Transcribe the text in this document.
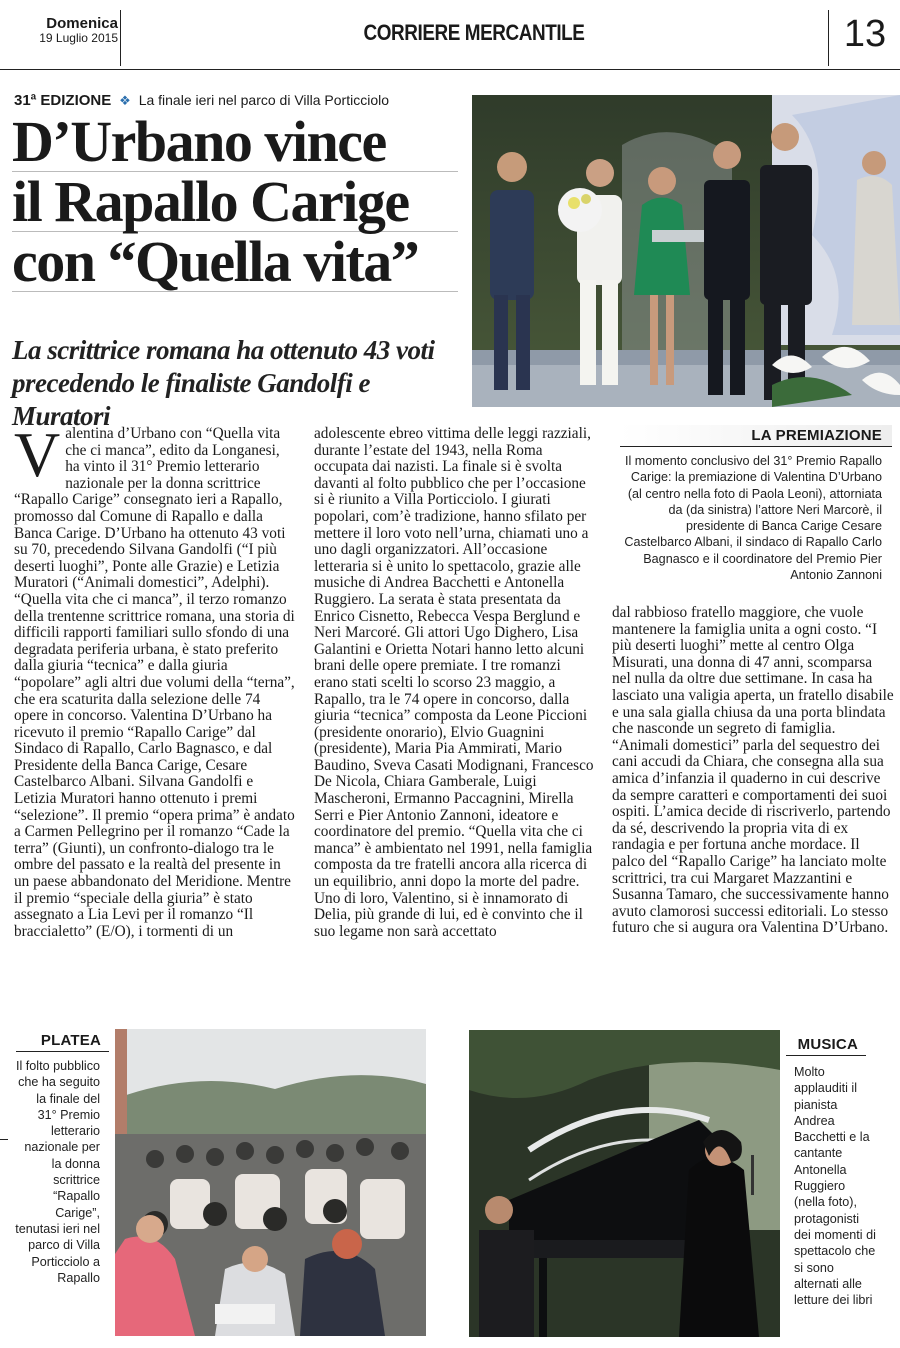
Domenica
19 Luglio 2015	CORRIERE MERCANTILE	13
31ª EDIZIONE ❖ La finale ieri nel parco di Villa Porticciolo
D’Urbano vince
il Rapallo Carige
con “Quella vita”
La scrittrice romana ha ottenuto 43 voti precedendo le finaliste Gandolfi e Muratori
Valentina d’Urbano con “Quella vita che ci manca”, edito da Longanesi, ha vinto il 31° Premio letterario nazionale per la donna scrittrice “Rapallo Carige” consegnato ieri a Rapallo, promosso dal Comune di Rapallo e dalla Banca Carige. D’Urbano ha ottenuto 43 voti su 70, precedendo Silvana Gandolfi (“I più deserti luoghi”, Ponte alle Grazie) e Letizia Muratori (“Animali domestici”, Adelphi). “Quella vita che ci manca”, il terzo romanzo della trentenne scrittrice romana, una storia di difficili rapporti familiari sullo sfondo di una degradata periferia urbana, è stato preferito dalla giuria “tecnica” e dalla giuria “popolare” agli altri due volumi della “terna”, che era scaturita dalla selezione delle 74 opere in concorso. Valentina D’Urbano ha ricevuto il premio “Rapallo Carige” dal Sindaco di Rapallo, Carlo Bagnasco, e dal Presidente della Banca Carige, Cesare Castelbarco Albani. Silvana Gandolfi e Letizia Muratori hanno ottenuto i premi “selezione”. Il premio “opera prima” è andato a Carmen Pellegrino per il romanzo “Cade la terra” (Giunti), un confronto-dialogo tra le ombre del passato e la realtà del presente in un paese abbandonato del Meridione. Mentre il premio “speciale della giuria” è stato assegnato a Lia Levi per il romanzo “Il braccialetto” (E/O), i tormenti di un
adolescente ebreo vittima delle leggi razziali, durante l’estate del 1943, nella Roma occupata dai nazisti. La finale si è svolta davanti al folto pubblico che per l’occasione si è riunito a Villa Porticciolo. I giurati popolari, com’è tradizione, hanno sfilato per mettere il loro voto nell’urna, chiamati uno a uno dagli organizzatori. All’occasione letteraria si è unito lo spettacolo, grazie alle musiche di Andrea Bacchetti e Antonella Ruggiero. La serata è stata presentata da Enrico Cisnetto, Rebecca Vespa Berglund e Neri Marcoré. Gli attori Ugo Dighero, Lisa Galantini e Orietta Notari hanno letto alcuni brani delle opere premiate. I tre romanzi erano stati scelti lo scorso 23 maggio, a Rapallo, tra le 74 opere in concorso, dalla giuria “tecnica” composta da Leone Piccioni (presidente onorario), Elvio Guagnini (presidente), Maria Pia Ammirati, Mario Baudino, Sveva Casati Modignani, Francesco De Nicola, Chiara Gamberale, Luigi Mascheroni, Ermanno Paccagnini, Mirella Serri e Pier Antonio Zannoni, ideatore e coordinatore del premio. “Quella vita che ci manca” è ambientato nel 1991, nella famiglia composta da tre fratelli ancora alla ricerca di un equilibrio, anni dopo la morte del padre. Uno di loro, Valentino, si è innamorato di Delia, più grande di lui, ed è convinto che il suo legame non sarà accettato
LA PREMIAZIONE

Il momento conclusivo del 31° Premio Rapallo Carige: la premiazione di Valentina D’Urbano (al centro nella foto di Paola Leoni), attorniata da (da sinistra) l’attore Neri Marcorè, il presidente di Banca Carige Cesare Castelbarco Albani, il sindaco di Rapallo Carlo Bagnasco e il coordinatore del Premio Pier Antonio Zannoni

dal rabbioso fratello maggiore, che vuole mantenere la famiglia unita a ogni costo. “I più deserti luoghi” mette al centro Olga Misurati, una donna di 47 anni, scomparsa nel nulla da oltre due settimane. In casa ha lasciato una valigia aperta, un fratello disabile e una sala gialla chiusa da una porta blindata che nasconde un segreto di famiglia. “Animali domestici” parla del sequestro dei cani accudi da Chiara, che consegna alla sua amica d’infanzia il quaderno in cui descrive da sempre caratteri e comportamenti dei suoi ospiti. L’amica decide di riscriverlo, partendo da sé, descrivendo la propria vita di ex randagia e per fortuna anche mordace. Il palco del “Rapallo Carige” ha lanciato molte scrittrici, tra cui Margaret Mazzantini e Susanna Tamaro, che successivamente hanno avuto clamorosi successi editoriali. Lo stesso futuro che si augura ora Valentina D’Urbano.
PLATEA

Il folto pubblico che ha seguito la finale del 31° Premio letterario nazionale per la donna scrittrice “Rapallo Carige”, tenutasi ieri nel parco di Villa Porticciolo a Rapallo

MUSICA

Molto applauditi il pianista Andrea Bacchetti e la cantante Antonella Ruggiero (nella foto), protagonisti dei momenti di spettacolo che si sono alternati alle letture dei libri
